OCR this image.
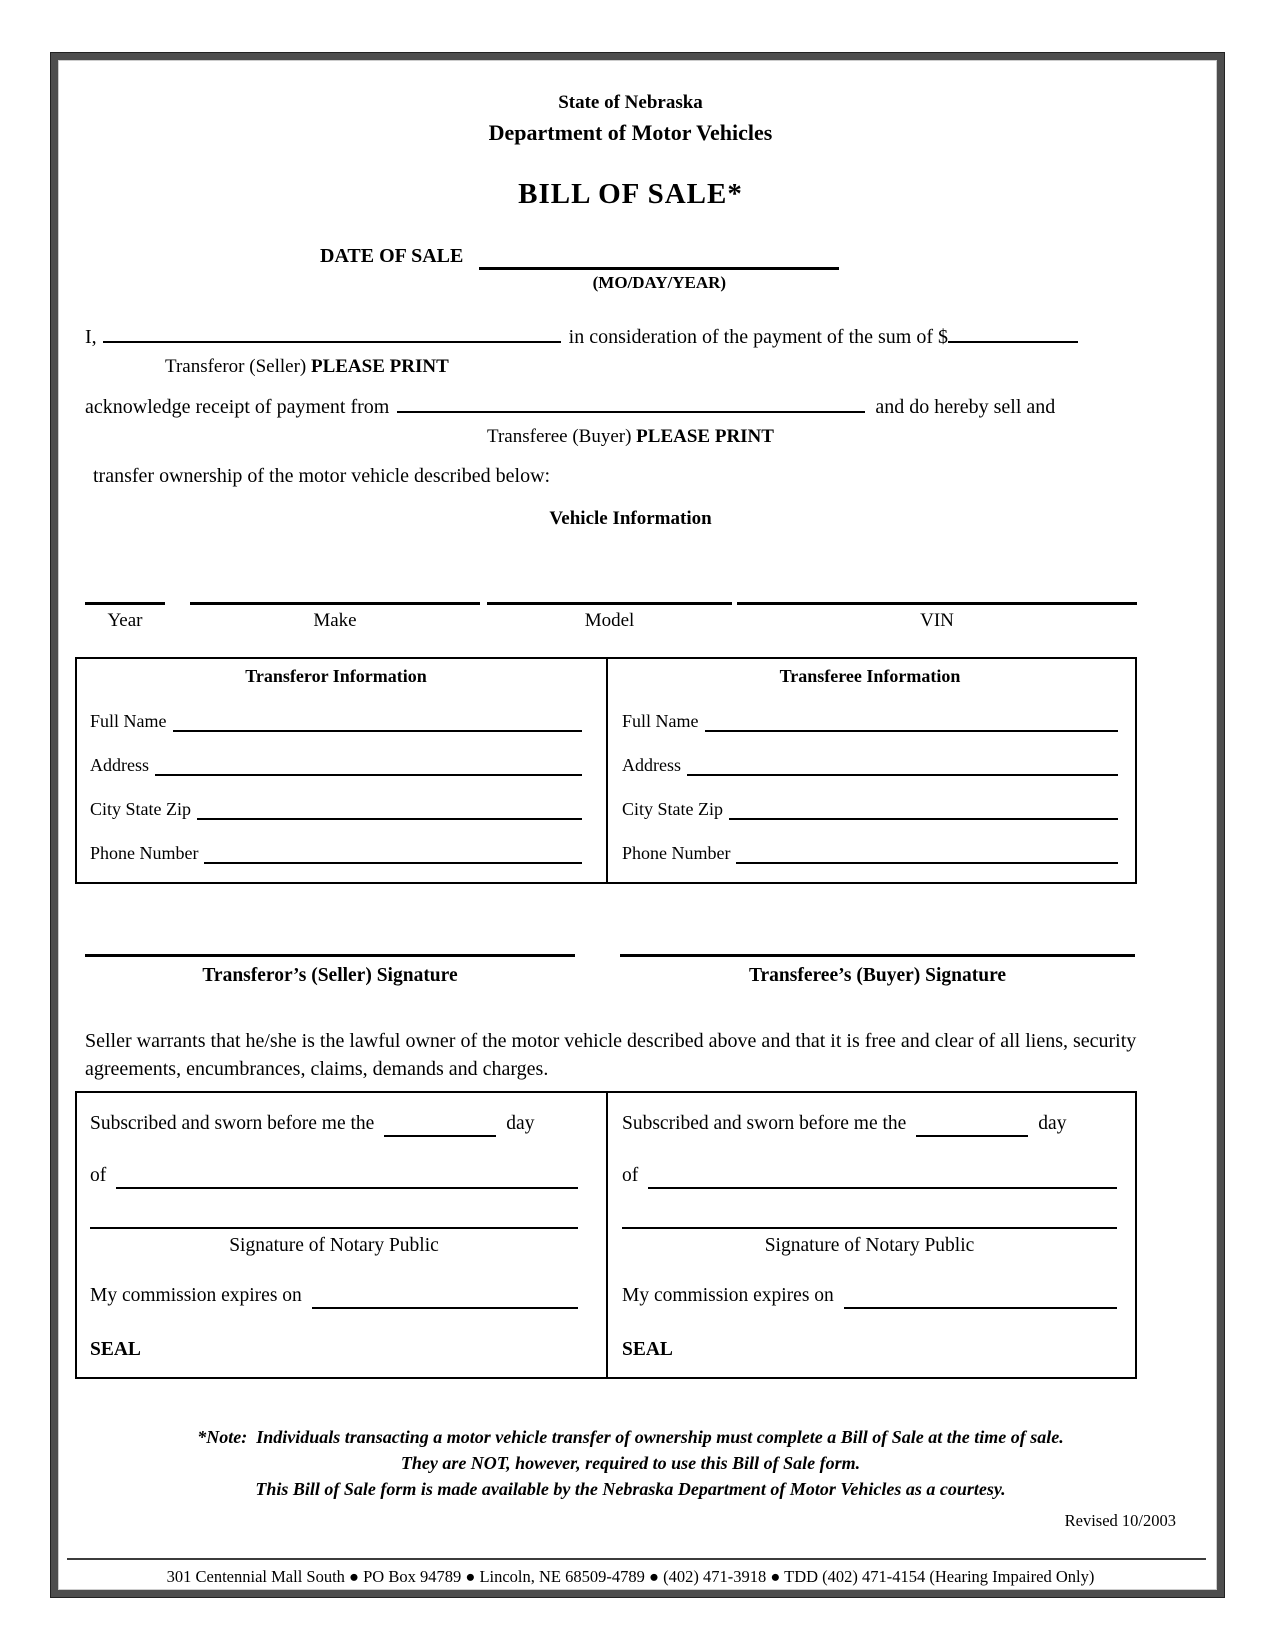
State of Nebraska
Department of Motor Vehicles
BILL OF SALE*
DATE OF SALE
(MO/DAY/YEAR)
I,	in consideration of the payment of the sum of $
Transferor (Seller) PLEASE PRINT
acknowledge receipt of payment from	and do hereby sell and
Transferee (Buyer) PLEASE PRINT
transfer ownership of the motor vehicle described below:
Vehicle Information
Year	Make	Model	VIN
Transferor Information
Full Name
Address
City State Zip
Phone Number
Transferee Information
Full Name
Address
City State Zip
Phone Number
Transferor’s (Seller) Signature	Transferee’s (Buyer) Signature
Seller warrants that he/she is the lawful owner of the motor vehicle described above and that it is free and clear of all liens, security agreements, encumbrances, claims, demands and charges.
Subscribed and sworn before me the	day
of
Signature of Notary Public
My commission expires on
SEAL
Subscribed and sworn before me the	day
of
Signature of Notary Public
My commission expires on
SEAL
*Note:  Individuals transacting a motor vehicle transfer of ownership must complete a Bill of Sale at the time of sale.
They are NOT, however, required to use this Bill of Sale form.
This Bill of Sale form is made available by the Nebraska Department of Motor Vehicles as a courtesy.
Revised 10/2003
301 Centennial Mall South ● PO Box 94789 ● Lincoln, NE 68509-4789 ● (402) 471-3918 ● TDD (402) 471-4154 (Hearing Impaired Only)
